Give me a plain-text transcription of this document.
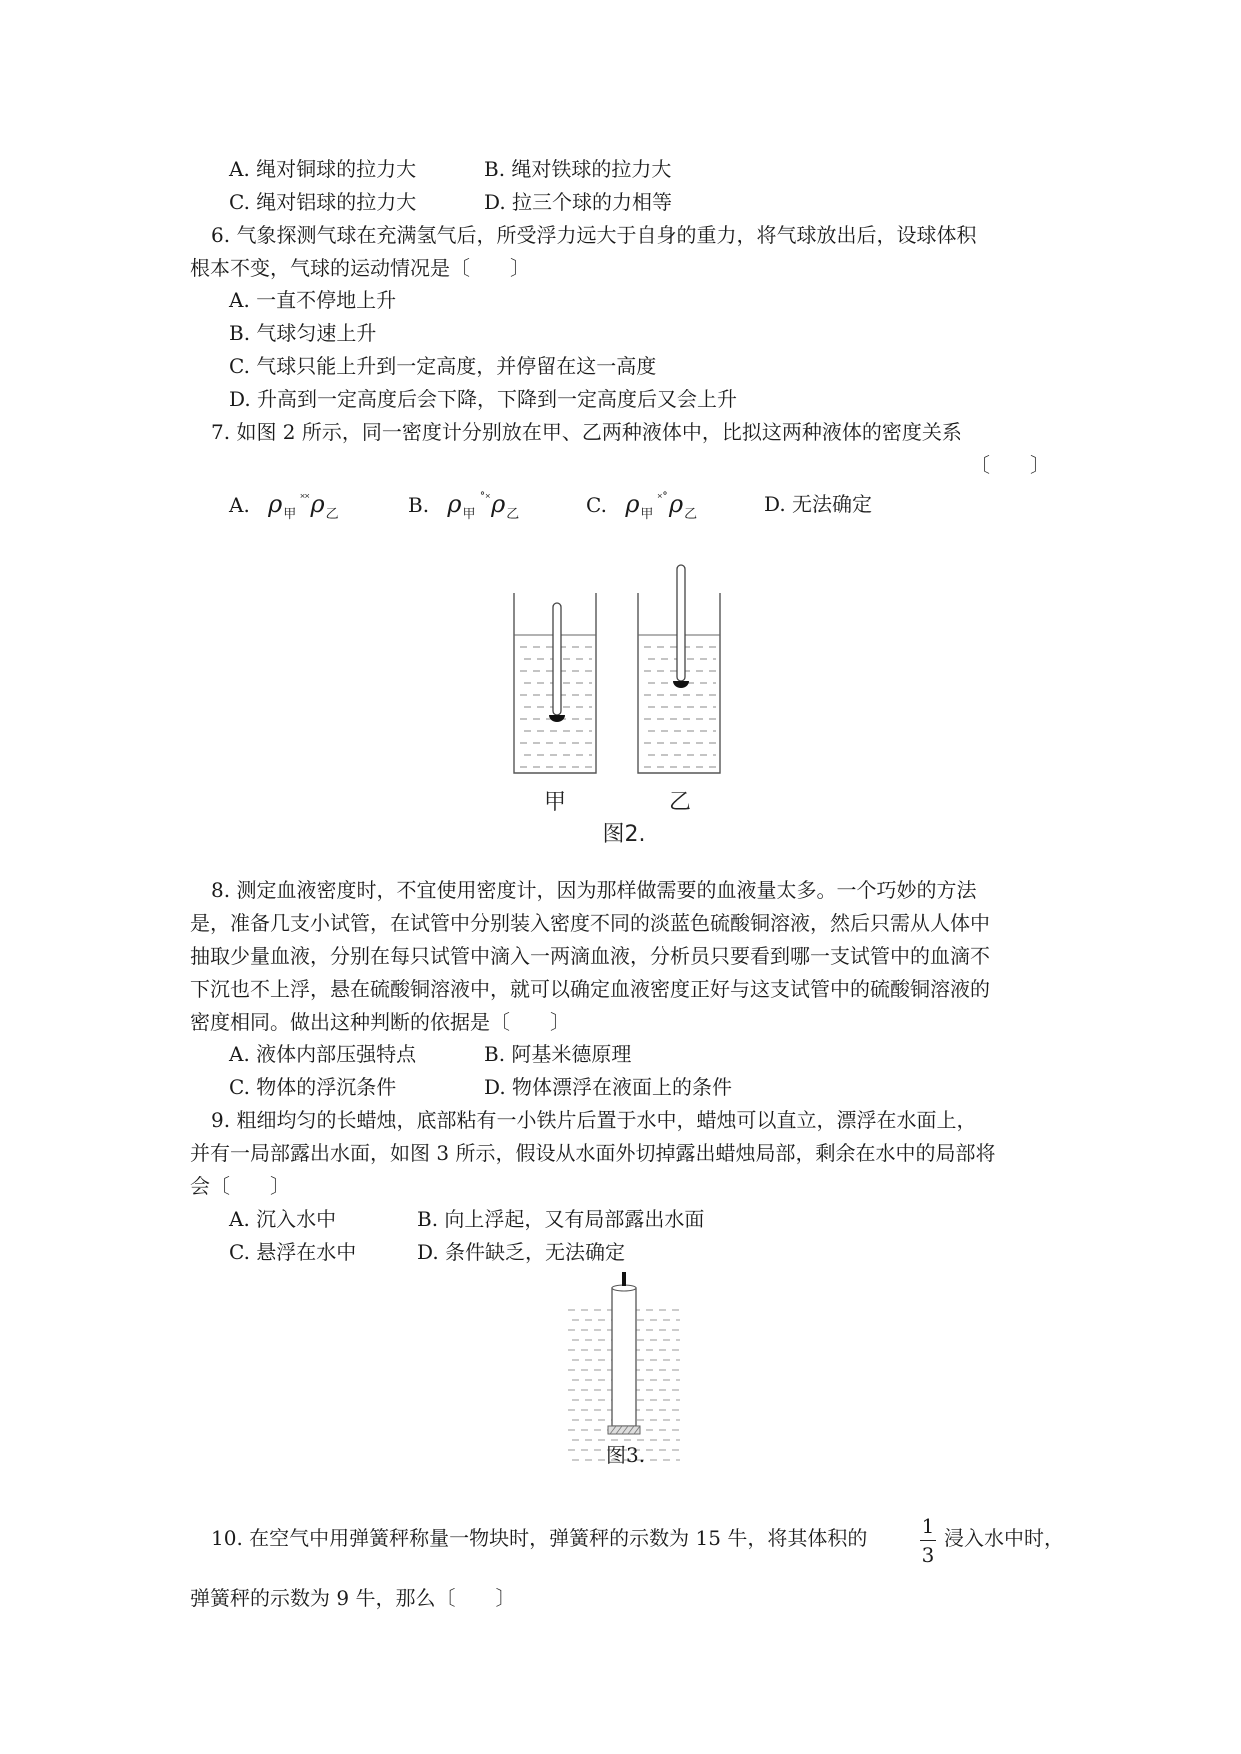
A. 绳对铜球的拉力大	B. 绳对铁球的拉力大
C. 绳对铝球的拉力大	D. 拉三个球的力相等
6. 气象探测气球在充满氢气后，所受浮力远大于自身的重力，将气球放出后，设球体积
根本不变，气球的运动情况是〔　　〕
A. 一直不停地上升
B. 气球匀速上升
C. 气球只能上升到一定高度，并停留在这一高度
D. 升高到一定高度后会下降，下降到一定高度后又会上升
7. 如图 2 所示，同一密度计分别放在甲、乙两种液体中，比拟这两种液体的密度关系
〔　　〕
A. $\rho_甲^{˟˟}\rho_乙$	B. $\rho_甲^{˚˟}\rho_乙$	C. $\rho_甲^{˟˚}\rho_乙$	D. 无法确定
甲	乙
图2.
8. 测定血液密度时，不宜使用密度计，因为那样做需要的血液量太多。一个巧妙的方法
是，准备几支小试管，在试管中分别装入密度不同的淡蓝色硫酸铜溶液，然后只需从人体中
抽取少量血液，分别在每只试管中滴入一两滴血液，分析员只要看到哪一支试管中的血滴不
下沉也不上浮，悬在硫酸铜溶液中，就可以确定血液密度正好与这支试管中的硫酸铜溶液的
密度相同。做出这种判断的依据是〔　　〕
A. 液体内部压强特点	B. 阿基米德原理
C. 物体的浮沉条件	D. 物体漂浮在液面上的条件
9. 粗细均匀的长蜡烛，底部粘有一小铁片后置于水中，蜡烛可以直立，漂浮在水面上，
并有一局部露出水面，如图 3 所示，假设从水面外切掉露出蜡烛局部，剩余在水中的局部将
会〔　　〕
A. 沉入水中	B. 向上浮起，又有局部露出水面
C. 悬浮在水中	D. 条件缺乏，无法确定
图3.
10. 在空气中用弹簧秤称量一物块时，弹簧秤的示数为 15 牛，将其体积的	1
3
浸入水中时，
弹簧秤的示数为 9 牛，那么〔　　〕
